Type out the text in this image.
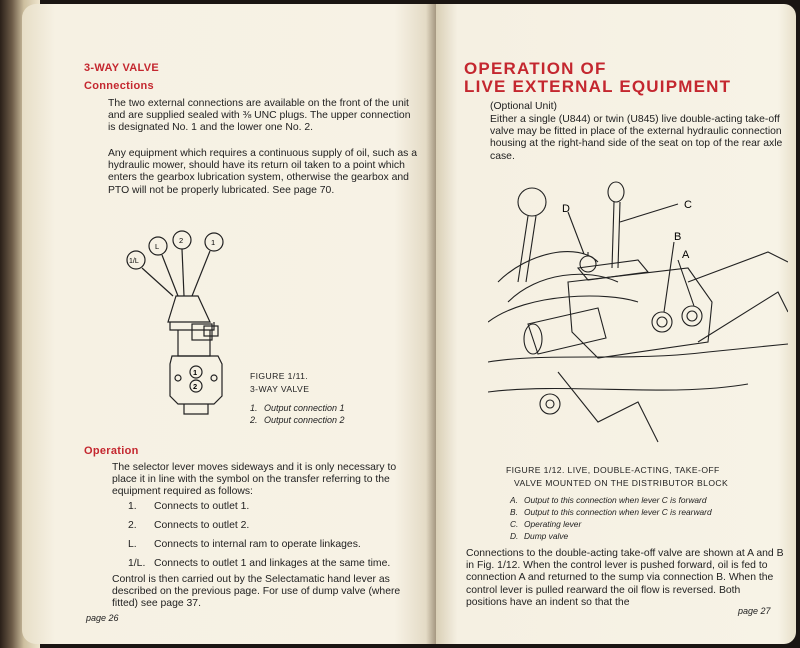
3-WAY VALVE
Connections

The two external connections are available on the front of the unit and are supplied sealed with ⅜ UNC plugs. The upper connection is designated No. 1 and the lower one No. 2.

Any equipment which requires a continuous supply of oil, such as a hydraulic mower, should have its return oil taken to a point which enters the gearbox lubrication system, otherwise the gearbox and PTO will not be properly lubricated. See page 70.

1/L
L
2	1
1
2
FIGURE 1/11.
3-WAY VALVE
1. Output connection 1
2. Output connection 2
Operation

The selector lever moves sideways and it is only necessary to place it in line with the symbol on the transfer referring to the equipment required as follows:

1. Connects to outlet 1.
2. Connects to outlet 2.
L. Connects to internal ram to operate linkages.
1/L. Connects to outlet 1 and linkages at the same time.

Control is then carried out by the Selectamatic hand lever as described on the previous page. For use of dump valve (where fitted) see page 37.

page 26
OPERATION OF
LIVE EXTERNAL EQUIPMENT
(Optional Unit)

Either a single (U844) or twin (U845) live double-acting take-off valve may be fitted in place of the external hydraulic connection housing at the right-hand side of the seat on top of the rear axle case.

D	C
B
A
FIGURE 1/12. LIVE, DOUBLE-ACTING, TAKE-OFF
VALVE MOUNTED ON THE DISTRIBUTOR BLOCK
A. Output to this connection when lever C is forward
B. Output to this connection when lever C is rearward
C. Operating lever
D. Dump valve

Connections to the double-acting take-off valve are shown at A and B in Fig. 1/12. When the control lever is pushed forward, oil is fed to connection A and returned to the sump via connection B. When the control lever is pulled rearward the oil flow is reversed. Both positions have an indent so that the

page 27
